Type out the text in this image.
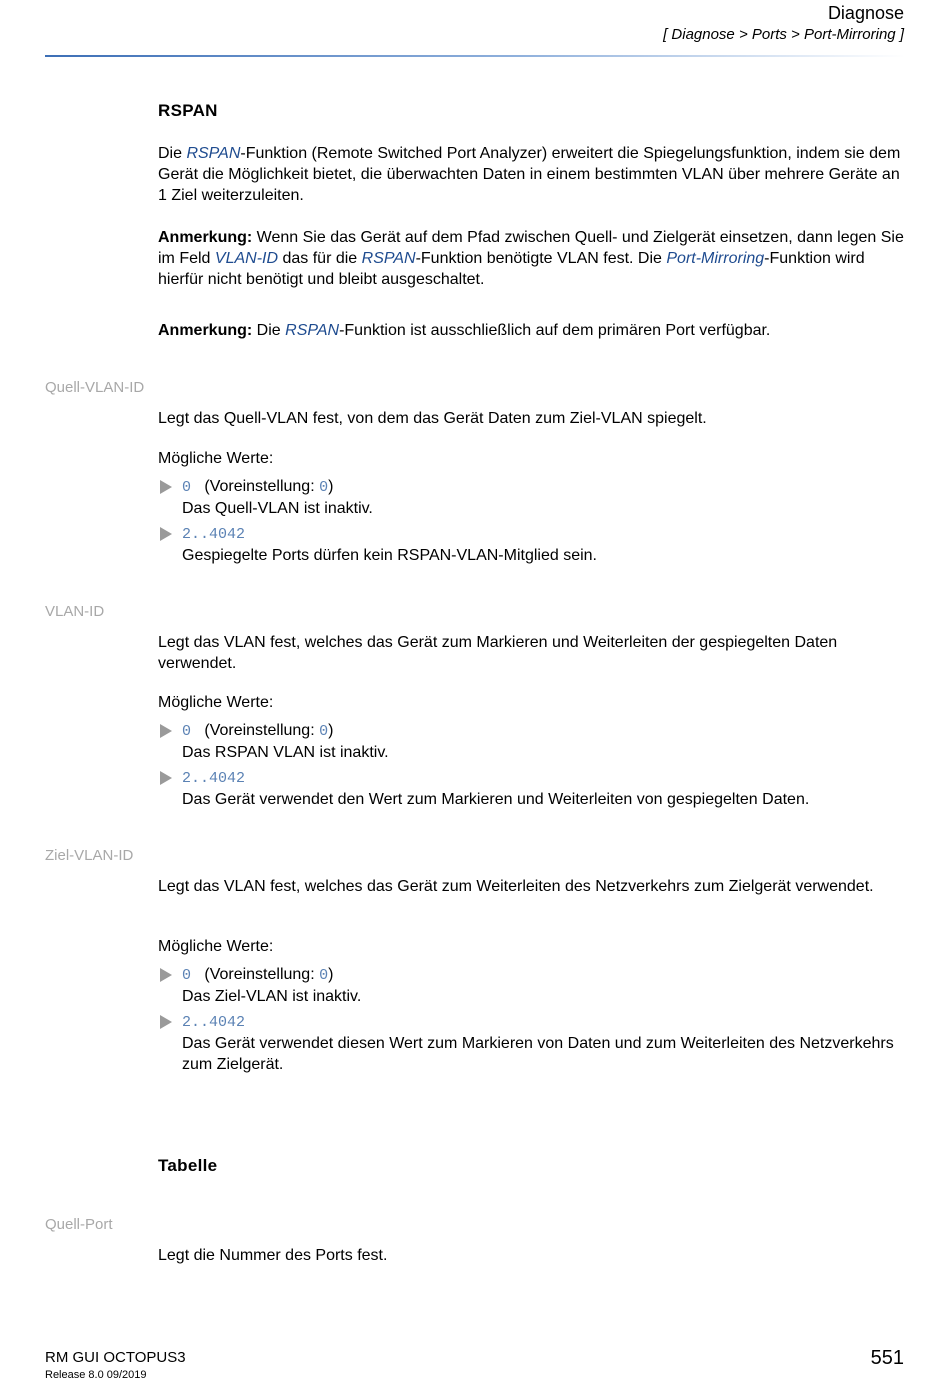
Diagnose
[ Diagnose > Ports > Port-Mirroring ]
RSPAN
Die RSPAN-Funktion (Remote Switched Port Analyzer) erweitert die Spiegelungsfunktion, indem sie dem Gerät die Möglichkeit bietet, die überwachten Daten in einem bestimmten VLAN über mehrere Geräte an 1 Ziel weiterzuleiten.
Anmerkung: Wenn Sie das Gerät auf dem Pfad zwischen Quell- und Zielgerät einsetzen, dann legen Sie im Feld VLAN-ID das für die RSPAN-Funktion benötigte VLAN fest. Die Port-Mirroring-Funktion wird hierfür nicht benötigt und bleibt ausgeschaltet.
Anmerkung: Die RSPAN-Funktion ist ausschließlich auf dem primären Port verfügbar.
Quell-VLAN-ID
Legt das Quell-VLAN fest, von dem das Gerät Daten zum Ziel-VLAN spiegelt.
Mögliche Werte:
0 (Voreinstellung: 0)
Das Quell-VLAN ist inaktiv.
2..4042
Gespiegelte Ports dürfen kein RSPAN-VLAN-Mitglied sein.
VLAN-ID
Legt das VLAN fest, welches das Gerät zum Markieren und Weiterleiten der gespiegelten Daten verwendet.
Mögliche Werte:
0 (Voreinstellung: 0)
Das RSPAN VLAN ist inaktiv.
2..4042
Das Gerät verwendet den Wert zum Markieren und Weiterleiten von gespiegelten Daten.
Ziel-VLAN-ID
Legt das VLAN fest, welches das Gerät zum Weiterleiten des Netzverkehrs zum Zielgerät verwendet.
Mögliche Werte:
0 (Voreinstellung: 0)
Das Ziel-VLAN ist inaktiv.
2..4042
Das Gerät verwendet diesen Wert zum Markieren von Daten und zum Weiterleiten des Netzverkehrs zum Zielgerät.
Tabelle
Quell-Port
Legt die Nummer des Ports fest.
RM GUI OCTOPUS3
Release 8.0 09/2019
551
